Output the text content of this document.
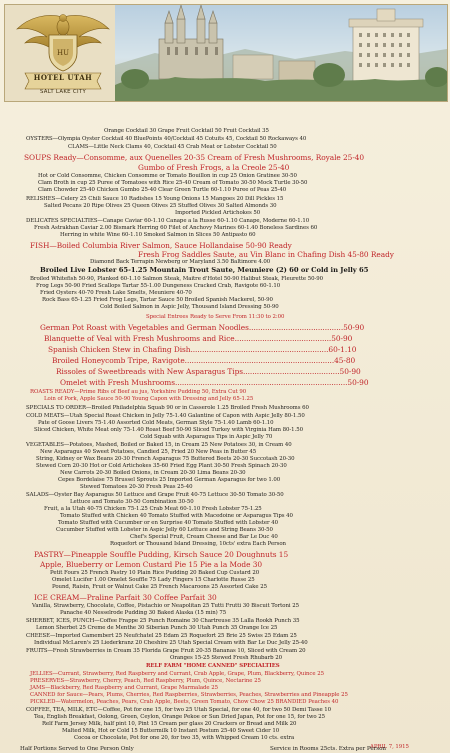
HU
HOTEL UTAH
SALT LAKE CITY
Orange Cocktail 30 Grape Fruit Cocktail 50 Fruit Cocktail 35
OYSTERS—Olympia Oyster Cocktail 40 BluePoints 40/Cocktail 45 Cotuits 45, Cocktail 50 Rockaways 40
CLAMS—Little Neck Clams 40, Cocktail 45 Crab Meat or Lobster Cocktail 50
SOUPS Ready—Consomme, aux Quenelles 20-35 Cream of Fresh Mushrooms, Royale 25-40
Gumbo of Fresh Frogs, a la Creole 25-40
Hot or Cold Consomme, Chicken Consomme or Tomato Bouillon in cup 25 Onion Gratinee 30-50
Clam Broth in cup 25 Puree of Tomatoes with Rice 25-40 Cream of Tomato 30-50 Mock Turtle 30-50
Clam Chowder 25-40 Chicken Gumbo 25-40 Clear Green Turtle 60-1.10 Puree of Peas 25-40
RELISHES—Celery 25 Chili Sauce 10 Radishes 15 Young Onions 15 Mangoes 20 Dill Pickles 15
Salted Pecans 20 Ripe Olives 25 Queen Olives 25 Stuffed Olives 30 Salted Almonds 30
Imported Pickled Artichokes 50
DELICATES SPECIALTIES—Canape Caviar 60-1.10 Canape a la Russe 60-1.10 Canape, Moderne 60-1.10
Fresh Astrakhan Caviar 2.00 Bismark Herring 60 Filet of Anchovy Marines 60-1.40 Boneless Sardines 60
Herring in white Wine 60-1.10 Smoked Salmon in Slices 50 Antipasto 60
FISH—Boiled Columbia River Salmon, Sauce Hollandaise 50-90 Ready
Fresh Frog Saddles Saute, au Vin Blanc in Chafing Dish 45-80 Ready
Diamond Back Terrapin Newberg or Maryland 3.50 Baltimore 4.00
Broiled Live Lobster 65-1.25 Mountain Trout Saute, Meuniere (2) 60 or Cold in Jelly 65
Broiled Whitefish 50-90, Planked 60-1.10 Salmon Steak, Maitre d'Hotel 50-90 Halibut Steak, Fleurette 50-90
Frog Legs 50-90 Fried Scallops Tartar 55-1.00 Dungeness Cracked Crab, Ravigote 60-1.10
Fried Oysters 40-70 Fresh Lake Smelts, Meuniere 40-70
Rock Bass 65-1.25 Fried Frog Legs, Tartar Sauce 50 Broiled Spanish Mackerel, 50-90
Cold Boiled Salmon in Aspic Jelly, Thousand Island Dressing 50-90
Special Entrees Ready to Serve From 11:30 to 2:00
German Pot Roast with Vegetables and German Noodles.........................................50-90
Blanquette of Veal with Fresh Mushrooms and Rice..........................................50-90
Spanish Chicken Stew in Chafing Dish............................................................60-1.10
Broiled Honeycomb Tripe, Ravigote.................................................................45-80
Rissoles of Sweetbreads with New Asparagus Tips..........................................50-90
Omelet with Fresh Mushrooms...........................................................................50-90
ROASTS READY—Prime Ribs of Beef au jus, Yorkshire Pudding 50, Extra Cut 90
Loin of Pork, Apple Sauce 50-90 Young Capon with Dressing and Jelly 65-1.25
SPECIALS TO ORDER—Broiled Philadelphia Squab 90 or in Casserole 1.25 Broiled Fresh Mushrooms 60
COLD MEATS—Utah Special Roast Chicken in Jelly 75-1.40 Galantine of Capon with Aspic Jelly 80-1.50
Pate of Goose Livers 75-1.40 Assorted Cold Meats, German Style 75-1.40 Lamb 60-1.10
Sliced Chicken, White Meat only 75-1.40 Roast Beef 50-90 Sliced Turkey with Virginia Ham 80-1.50
Cold Squab with Asparagus Tips in Aspic Jelly 70
VEGETABLES—Potatoes, Mashed, Boiled or Baked 15, in Cream 25 New Potatoes 30, in Cream 40
New Asparagus 40 Sweet Potatoes, Candied 25, Fried 20 New Peas in Butter 45
String, Kidney or Wax Beans 20-30 French Asparagus 75 Buttered Beets 20-30 Succotash 20-30
Stewed Corn 20-30 Hot or Cold Artichokes 35-60 Fried Egg Plant 30-50 Fresh Spinach 20-30
New Carrots 20-30 Boiled Onions, in Cream 20-30 Lima Beans 20-30
Cepes Bordelaise 75 Brussel Sprouts 25 Imported German Asparagus for two 1.00
Stewed Tomatoes 20-30 Fresh Peas 25-40
SALADS—Oyster Bay Asparagus 50 Lettuce and Grape Fruit 40-75 Lettuce 30-50 Tomato 30-50
Lettuce and Tomato 30-50 Combination 30-50
Fruit, a la Utah 40-75 Chicken 75-1.25 Crab Meat 60-1.10 Fresh Lobster 75-1.25
Tomato Stuffed with Chicken 40 Tomato Stuffed with Macedoine or Asparagus Tips 40
Tomato Stuffed with Cucumber or en Surprise 40 Tomato Stuffed with Lobster 40
Cucumber Stuffed with Lobster in Aspic Jelly 60 Lettuce and String Beans 30-50
Chef's Special Fruit, Cream Cheese and Bar Le Duc 40
Roquefort or Thousand Island Dressing, 10cts' extra Each Person
PASTRY—Pineapple Souffle Pudding, Kirsch Sauce 20 Doughnuts 15
Apple, Blueberry or Lemon Custard Pie 15 Pie a la Mode 30
Petit Fours 25 French Pastry 10 Plain Rice Pudding 20 Baked Cup Custard 20
Omelet Lucifer 1.00 Omelet Souffle 75 Lady Fingers 15 Charlotte Russe 25
Pound, Raisin, Fruit or Walnut Cake 25 French Macaroons 25 Assorted Cake 25
ICE CREAM—Praline Parfait 30 Coffee Parfait 30
Vanilla, Strawberry, Chocolate, Coffee, Pistachio or Neapolitan 25 Tutti Frutti 30 Biscuit Tortoni 25
Panache 40 Nesselrode Pudding 30 Baked Alaska (15 min) 75
SHERBET, ICES, PUNCH—Coffee Frappe 25 Punch Romaine 30 Chartreuse 35 Lalla Rookh Punch 35
Lemon Sherbet 25 Creme de Menthe 30 Siberian Punch 30 Utah Punch 35 Orange Ice 25
CHEESE—Imported Camembert 25 Neufchatel 25 Edam 25 Roquefort 25 Brie 25 Swiss 25 Edam 25
Individual McLaren's 25 Liederkranz 20 Cheshire 25 Utah Special Cream with Bar Le Duc Jelly 25-40
FRUITS—Fresh Strawberries in Cream 35 Florida Grape Fruit 20-35 Bananas 10, Sliced with Cream 20
Oranges 15-25 Stewed Fresh Rhubarb 20
RELF FARM "HOME CANNED" SPECIALTIES
JELLIES—Currant, Strawberry, Red Raspberry and Currant, Crab Apple, Grape, Plum, Blackberry, Quince 25
PRESERVES—Strawberry, Cherry, Peach, Red Raspberry, Plum, Quince, Nectarine 25
JAMS—Blackberry, Red Raspberry and Currant, Grape Marmalade 25
CANNED for Sauce—Pears, Plums, Cherries, Red Raspberries, Strawberries, Peaches, Strawberries and Pineapple 25
PICKLED—Watermelon, Peaches, Pears, Crab Apple, Beets, Green Tomato, Chow Chow 25 BRANDIED Peaches 40
COFFEE, TEA, MILK, ETC—Coffee, Pot for one 15, for two 25 Utah Special, for one 40, for two 50 Demi Tasse 10
Tea, English Breakfast, Oolong, Green, Ceylon, Orange Pekoe or Sun Dried Japan, Pot for one 15, for two 25
Relf Farm Jersey Milk, half pint 10, Pint 15 Cream per glass 20 Crackers or Bread and Milk 20
Malted Milk, Hot or Cold 15 Buttermilk 10 Instant Postum 25-40 Sweet Cider 10
Cocoa or Chocolate, Pot for one 20, for two 35, with Whipped Cream 10 cts. extra
APRIL 7, 1915
Half Portions Served to One Person Only	Service in Rooms 25cts. Extra per Person
